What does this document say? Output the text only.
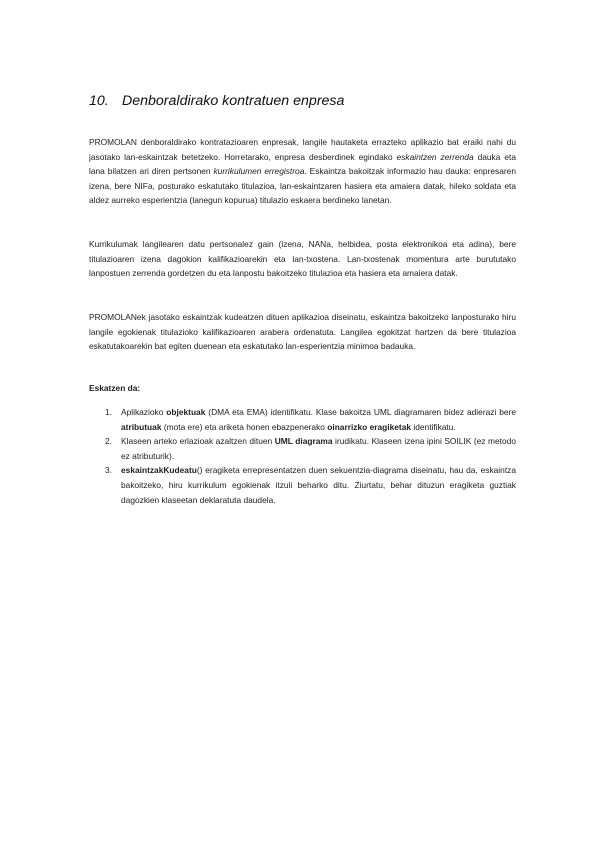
10. Denboraldirako kontratuen enpresa

PROMOLAN denboraldirako kontratazioaren enpresak, langile hautaketa errazteko aplikazio bat eraiki nahi du jasotako lan-eskaintzak betetzeko. Horretarako, enpresa desberdinek egindako eskaintzen zerrenda dauka eta lana bilatzen ari diren pertsonen kurrikulumen erregistroa. Eskaintza bakoitzak informazio hau dauka: enpresaren izena, bere NIFa, posturako eskatutako titulazioa, lan-eskaintzaren hasiera eta amaiera datak, hileko soldata eta aldez aurreko esperientzia (lanegun kopurua) titulazio eskaera berdineko lanetan.

Kurrikulumak langilearen datu pertsonalez gain (izena, NANa, helbidea, posta elektronikoa eta adina), bere titulazioaren izena dagokion kalifikazioarekin eta lan-txostena. Lan-txostenak momentura arte burututako lanpostuen zerrenda gordetzen du eta lanpostu bakoitzeko titulazioa eta hasiera eta amaiera datak.

PROMOLANek jasotako eskaintzak kudeatzen dituen aplikazioa diseinatu, eskaintza bakoitzeko lanposturako hiru langile egokienak titulazioko kalifikazioaren arabera ordenatuta. Langilea egokitzat hartzen da bere titulazioa eskatutakoarekin bat egiten duenean eta eskatutako lan-esperientzia minimoa badauka.

Eskatzen da:
1. Aplikazioko objektuak (DMA eta EMA) identifikatu. Klase bakoitza UML diagramaren bidez adierazi bere atributuak (mota ere) eta ariketa honen ebazpenerako oinarrizko eragiketak identifikatu.
2. Klaseen arteko erlazioak azaltzen dituen UML diagrama irudikatu. Klaseen izena ipini SOILIK (ez metodo ez atributurik).
3. eskaintzakKudeatu() eragiketa errepresentatzen duen sekuentzia-diagrama diseinatu, hau da, eskaintza bakoitzeko, hiru kurrikulum egokienak itzuli beharko ditu. Ziurtatu, behar dituzun eragiketa guztiak dagozkien klaseetan deklaratuta daudela.
